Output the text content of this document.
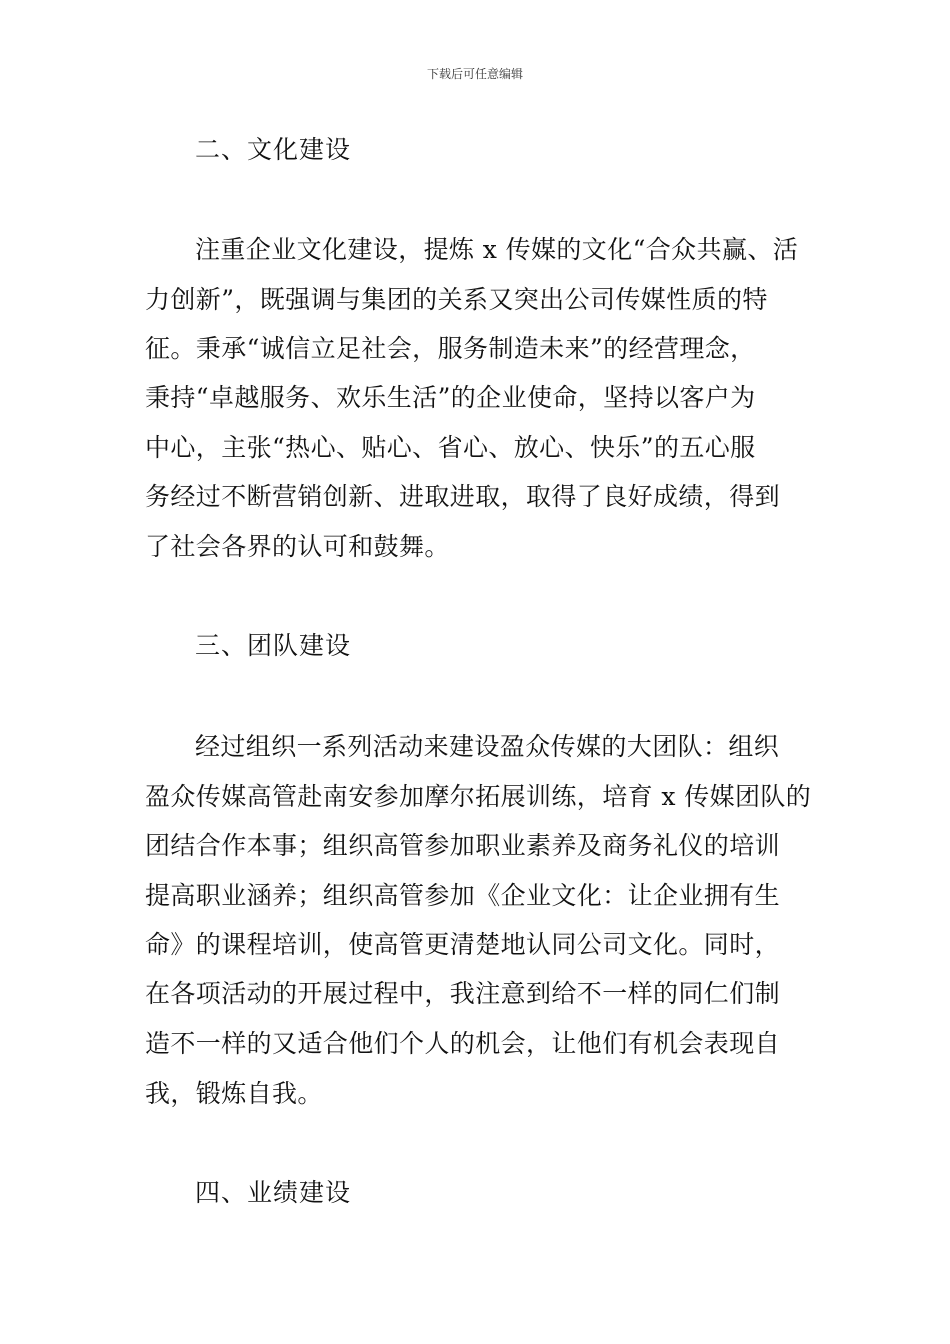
下载后可任意编辑
二、文化建设
注重企业文化建设，提炼 x 传媒的文化“合众共赢、活
力创新”，既强调与集团的关系又突出公司传媒性质的特
征。秉承“诚信立足社会，服务制造未来”的经营理念，
秉持“卓越服务、欢乐生活”的企业使命，坚持以客户为
中心，主张“热心、贴心、省心、放心、快乐”的五心服
务经过不断营销创新、进取进取，取得了良好成绩，得到
了社会各界的认可和鼓舞。
三、团队建设
经过组织一系列活动来建设盈众传媒的大团队：组织
盈众传媒高管赴南安参加摩尔拓展训练，培育 x 传媒团队的
团结合作本事；组织高管参加职业素养及商务礼仪的培训
提高职业涵养；组织高管参加《企业文化：让企业拥有生
命》的课程培训，使高管更清楚地认同公司文化。同时，
在各项活动的开展过程中，我注意到给不一样的同仁们制
造不一样的又适合他们个人的机会，让他们有机会表现自
我，锻炼自我。
四、业绩建设
